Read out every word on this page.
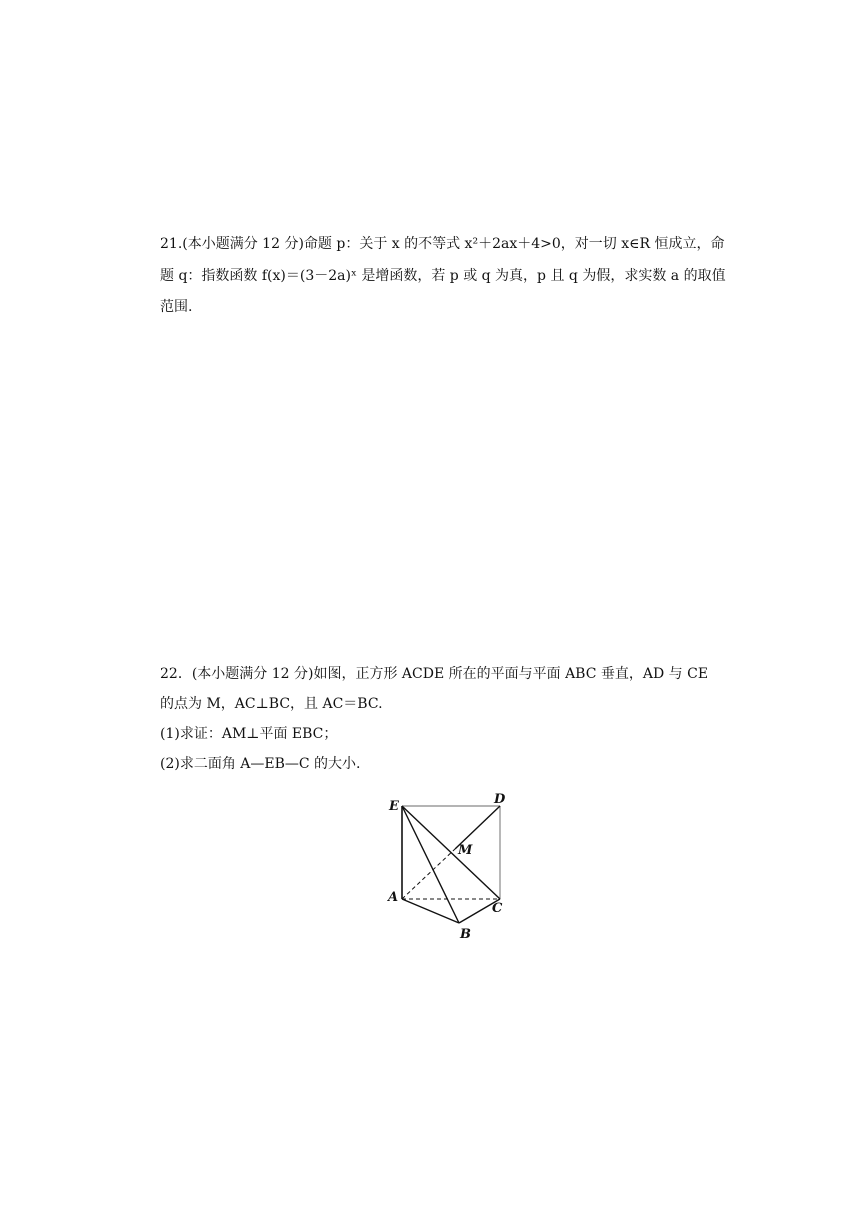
21.(本小题满分 12 分)命题 p：关于 x 的不等式 x²＋2ax＋4>0，对一切 x∈R 恒成立，命
题 q：指数函数 f(x)＝(3－2a)ˣ 是增函数，若 p 或 q 为真，p 且 q 为假，求实数 a 的取值
范围.
22．(本小题满分 12 分)如图，正方形 ACDE 所在的平面与平面 ABC 垂直，AD 与 CE
的点为 M，AC⊥BC，且 AC＝BC.
(1)求证：AM⊥平面 EBC；
(2)求二面角 A—EB—C 的大小.
E	D
M
A
C
B
